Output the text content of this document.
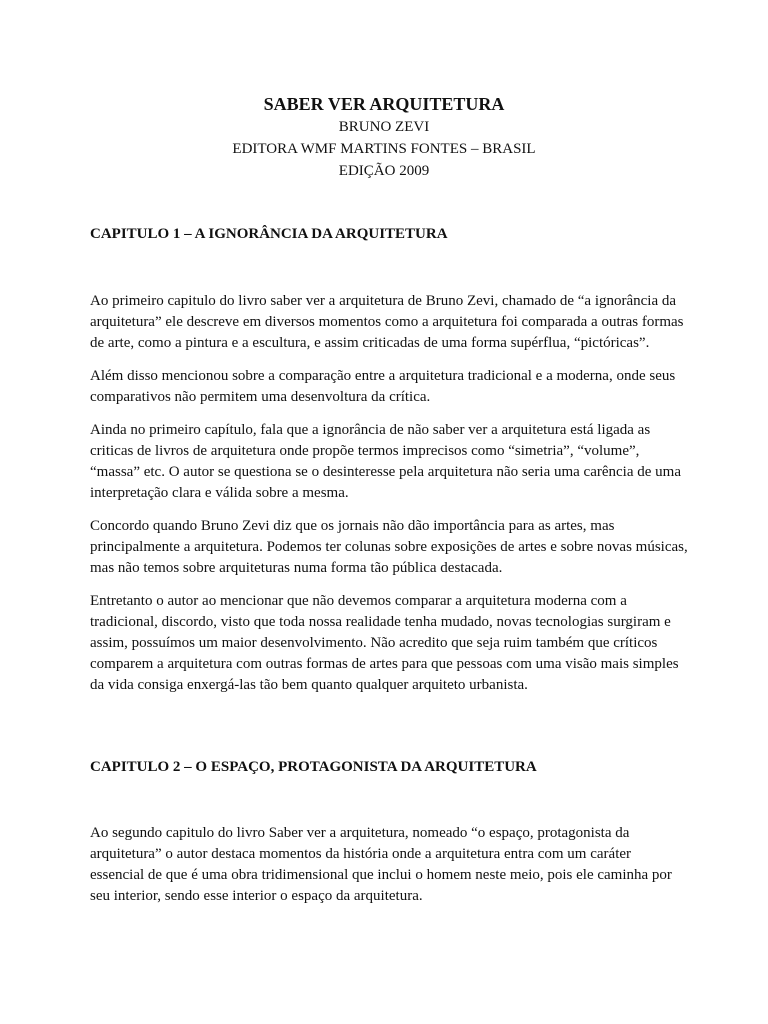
SABER VER ARQUITETURA

BRUNO ZEVI

EDITORA WMF MARTINS FONTES – BRASIL

EDIÇÃO 2009

CAPITULO 1 – A IGNORÂNCIA DA ARQUITETURA

Ao primeiro capitulo do livro saber ver a arquitetura de Bruno Zevi, chamado de “a ignorância da arquitetura” ele descreve em diversos momentos como a arquitetura foi comparada a outras formas de arte, como a pintura e a escultura, e assim criticadas de uma forma supérflua, “pictóricas”.

Além disso mencionou sobre a comparação entre a arquitetura tradicional e a moderna, onde seus comparativos não permitem uma desenvoltura da crítica.

Ainda no primeiro capítulo, fala que a ignorância de não saber ver a arquitetura está ligada as criticas de livros de arquitetura onde propõe termos imprecisos como “simetria”, “volume”, “massa” etc. O autor se questiona se o desinteresse pela arquitetura não seria uma carência de uma interpretação clara e válida sobre a mesma.

Concordo quando Bruno Zevi diz que os jornais não dão importância para as artes, mas principalmente a arquitetura. Podemos ter colunas sobre exposições de artes e sobre novas músicas, mas não temos sobre arquiteturas numa forma tão pública destacada.

Entretanto o autor ao mencionar que não devemos comparar a arquitetura moderna com a tradicional, discordo, visto que toda nossa realidade tenha mudado, novas tecnologias surgiram e assim, possuímos um maior desenvolvimento. Não acredito que seja ruim também que críticos comparem a arquitetura com outras formas de artes para que pessoas com uma visão mais simples da vida consiga enxergá-las tão bem quanto qualquer arquiteto urbanista.

CAPITULO 2 – O ESPAÇO, PROTAGONISTA DA ARQUITETURA

Ao segundo capitulo do livro Saber ver a arquitetura, nomeado “o espaço, protagonista da arquitetura” o autor destaca momentos da história onde a arquitetura entra com um caráter essencial de que é uma obra tridimensional que inclui o homem neste meio, pois ele caminha por seu interior, sendo esse interior o espaço da arquitetura.
